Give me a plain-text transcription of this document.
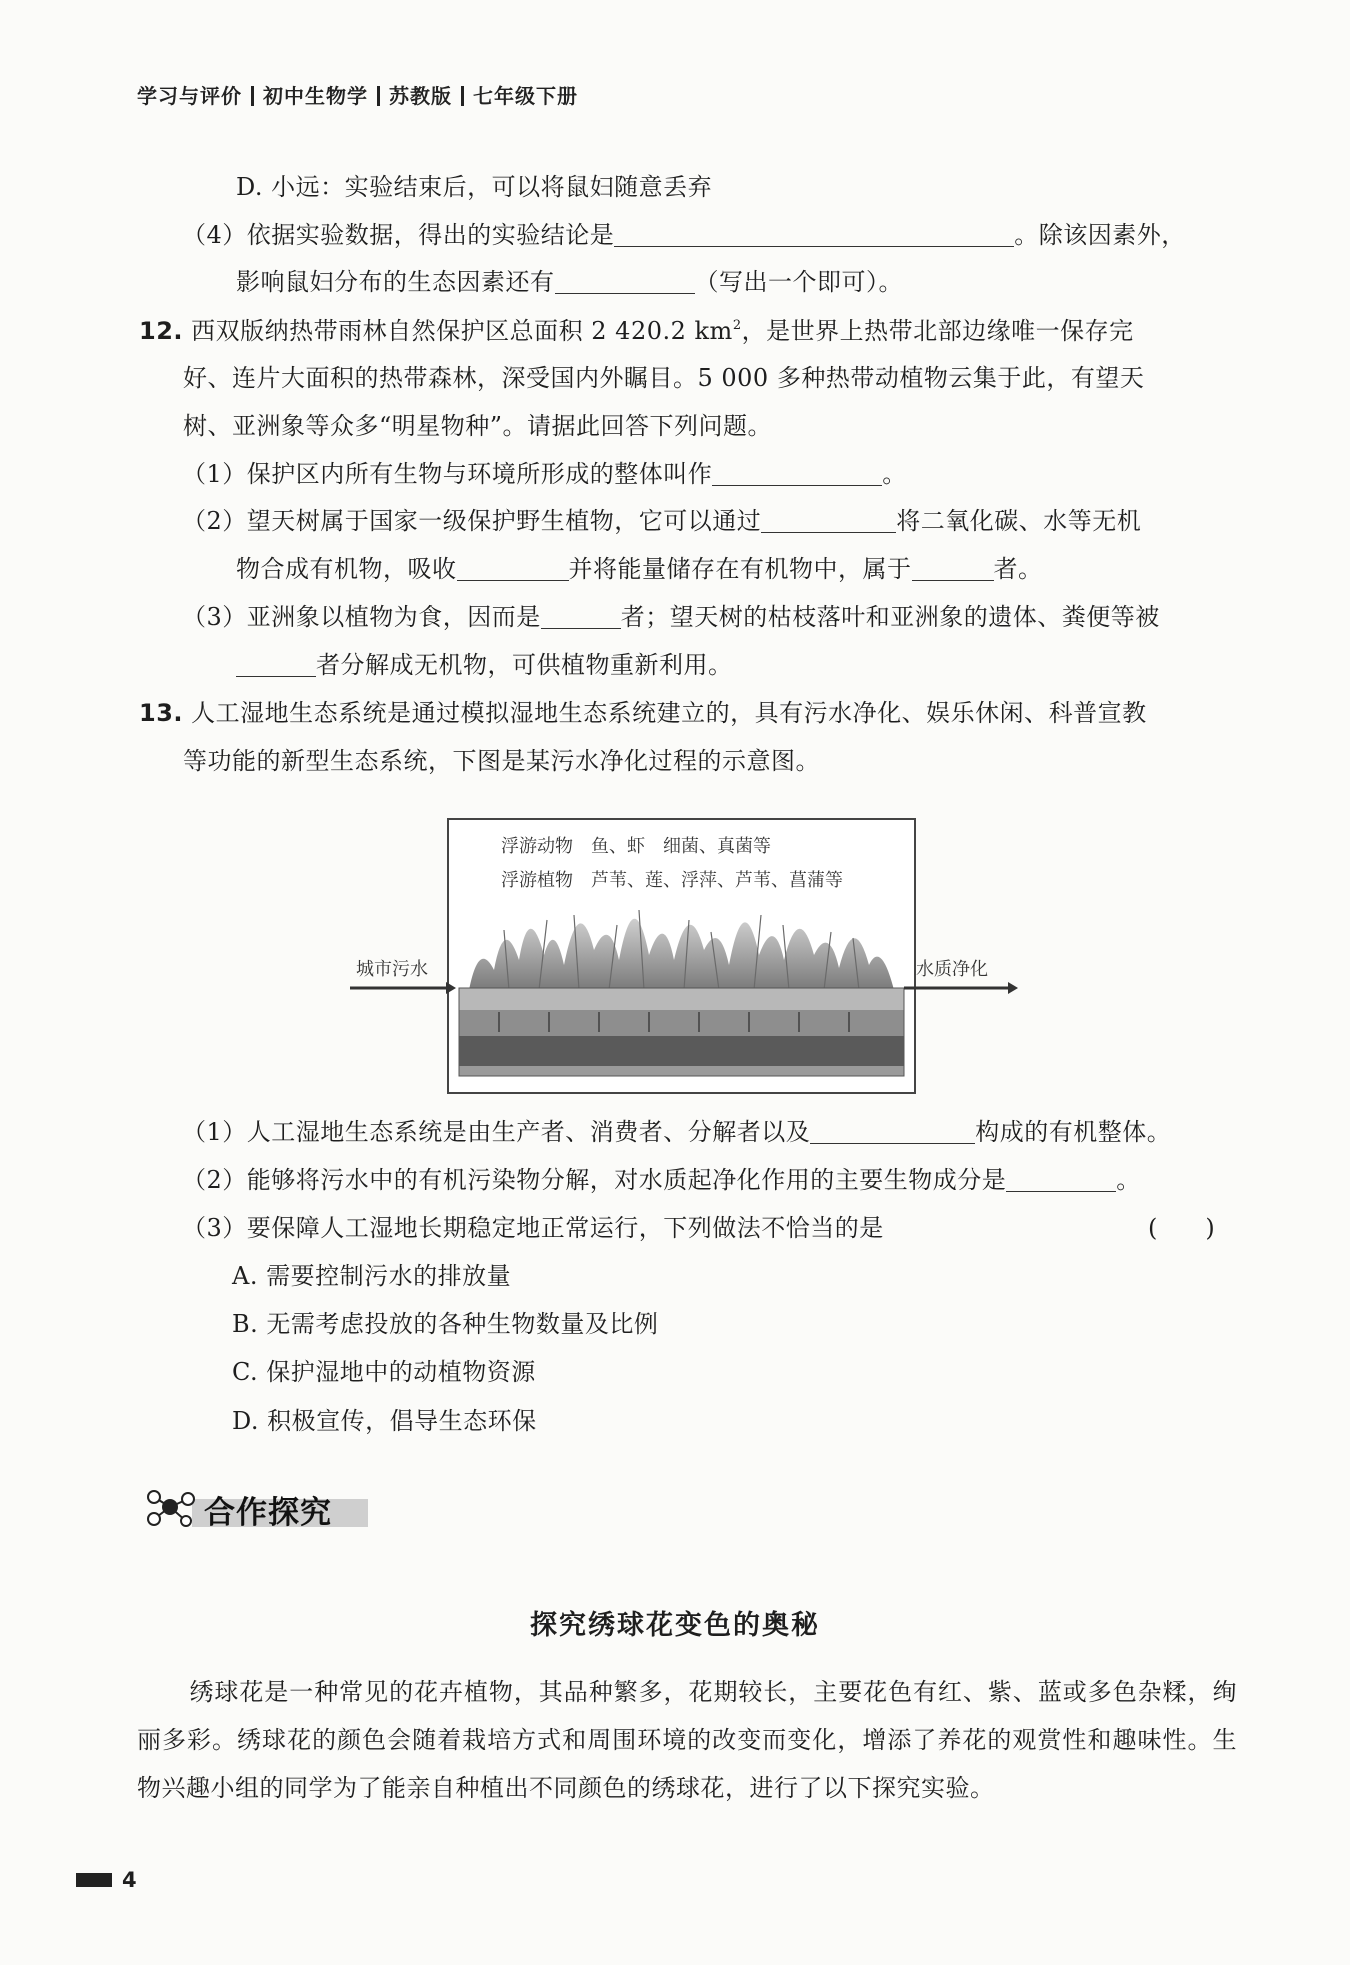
学习与评价 初中生物学 苏教版 七年级下册
D. 小远：实验结束后，可以将鼠妇随意丢弃
（4）依据实验数据，得出的实验结论是	。除该因素外，
影响鼠妇分布的生态因素还有	（写出一个即可）。
12. 西双版纳热带雨林自然保护区总面积 2 420.2 $km^2$，是世界上热带北部边缘唯一保存完
好、连片大面积的热带森林，深受国内外瞩目。5 000 多种热带动植物云集于此，有望天
树、亚洲象等众多“明星物种”。请据此回答下列问题。
（1）保护区内所有生物与环境所形成的整体叫作	。
（2）望天树属于国家一级保护野生植物，它可以通过	将二氧化碳、水等无机
物合成有机物，吸收	并将能量储存在有机物中，属于	者。
（3）亚洲象以植物为食，因而是	者；望天树的枯枝落叶和亚洲象的遗体、粪便等被
者分解成无机物，可供植物重新利用。
13. 人工湿地生态系统是通过模拟湿地生态系统建立的，具有污水净化、娱乐休闲、科普宣教
等功能的新型生态系统，下图是某污水净化过程的示意图。
浮游动物　鱼、虾　细菌、真菌等
浮游植物　芦苇、莲、浮萍、芦苇、菖蒲等
城市污水	水质净化
（1）人工湿地生态系统是由生产者、消费者、分解者以及	构成的有机整体。
（2）能够将污水中的有机污染物分解，对水质起净化作用的主要生物成分是	。
（3）要保障人工湿地长期稳定地正常运行，下列做法不恰当的是	(　　)
A. 需要控制污水的排放量
B. 无需考虑投放的各种生物数量及比例
C. 保护湿地中的动植物资源
D. 积极宣传，倡导生态环保
合作探究
探究绣球花变色的奥秘
绣球花是一种常见的花卉植物，其品种繁多，花期较长，主要花色有红、紫、蓝或多色杂糅，绚丽多彩。绣球花的颜色会随着栽培方式和周围环境的改变而变化，增添了养花的观赏性和趣味性。生物兴趣小组的同学为了能亲自种植出不同颜色的绣球花，进行了以下探究实验。
4
